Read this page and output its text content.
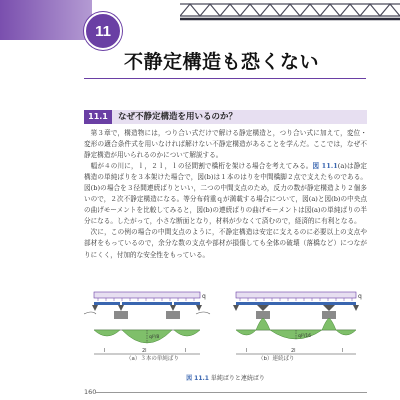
11
不静定構造も恐くない
11.1	なぜ不静定構造を用いるのか？

第３章で，構造物には，つり合い式だけで解ける静定構造と，つり合い式に加えて，変位・変形の適合条件式を用いなければ解けない不静定構造があることを学んだ。ここでは，なぜ不静定構造が用いられるのかについて解説する。

幅が４の川に，ｌ，２ｌ，ｌの径間割で橋桁を架ける場合を考えてみる。図 11.1(a)は静定構造の単純ばりを３本架けた場合で，図(b)は１本のはりを中間橋脚２点で支えたものである。図(b)の場合を３径間連続ばりといい，二つの中間支点のため，反力の数が静定構造より２個多いので，２次不静定構造になる。等分布荷重ｑが満載する場合について，図(a)と図(b)の中央点の曲げモーメントを比較してみると，図(b)の連続ばりの曲げモーメントは図(a)の単純ばりの半分になる。したがって，小さな断面となり，材料が少なくて済むので，経済的に有利となる。

次に，この例の場合の中間支点のように，不静定構造は安定に支えるのに必要以上の支点や部材をもっているので，余分な数の支点や部材が損傷しても全体の破壊（落橋など）につながりにくく，付加的な安全性をもっている。

q
ql²/8
l	2l	l
q
ql²/16
l	2l	l
（a）３本の単純ばり	（b）連続ばり
図 11.1 単純ばりと連続ばり
160
